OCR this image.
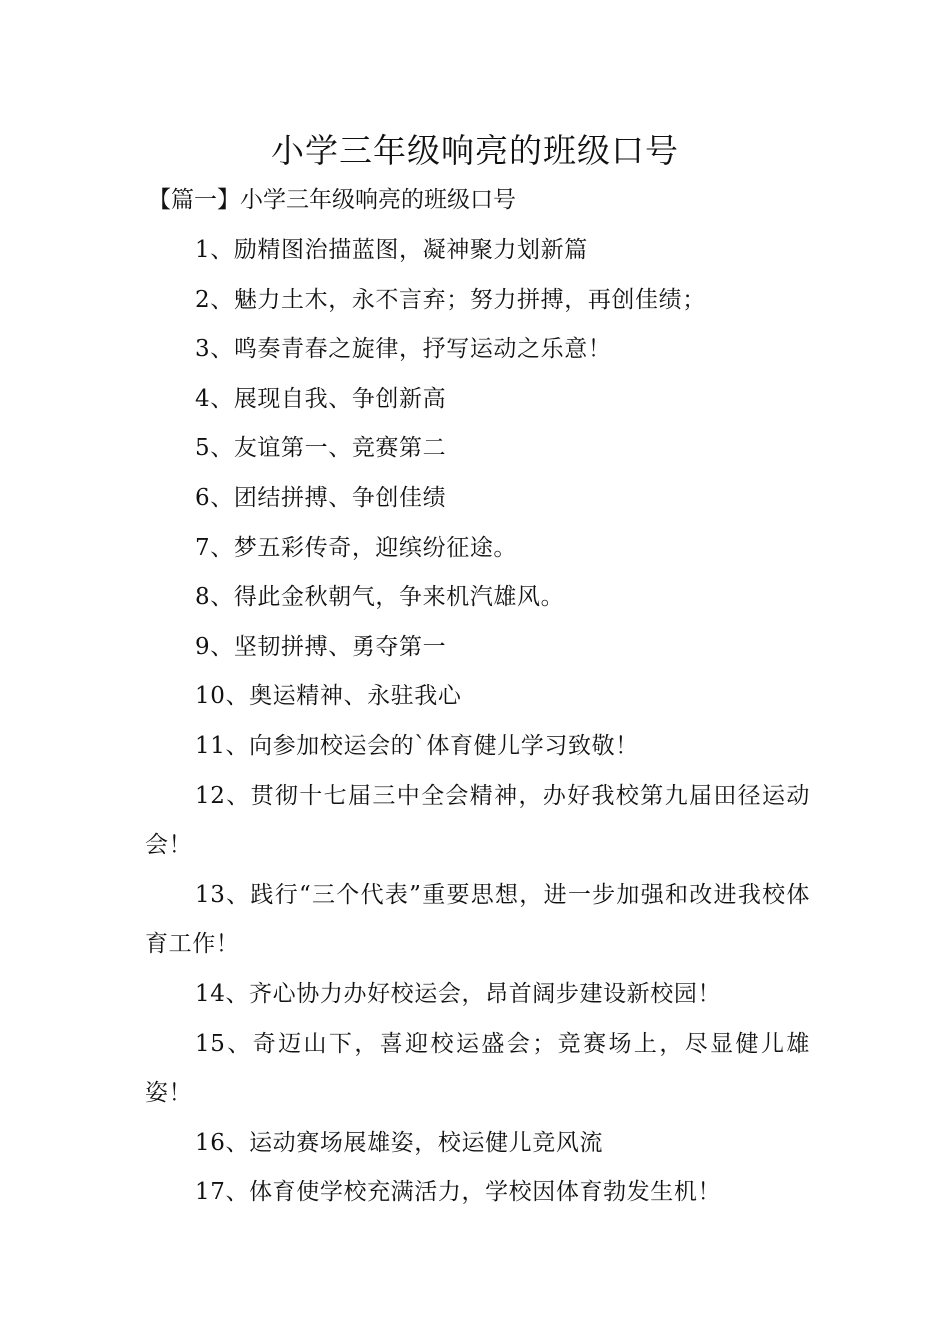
小学三年级响亮的班级口号
【篇一】小学三年级响亮的班级口号
1、励精图治描蓝图，凝神聚力划新篇
2、魅力土木，永不言弃；努力拼搏，再创佳绩；
3、鸣奏青春之旋律，抒写运动之乐意！
4、展现自我、争创新高
5、友谊第一、竞赛第二
6、团结拼搏、争创佳绩
7、梦五彩传奇，迎缤纷征途。
8、得此金秋朝气，争来机汽雄风。
9、坚韧拼搏、勇夺第一
10、奥运精神、永驻我心
11、向参加校运会的`体育健儿学习致敬！
12、贯彻十七届三中全会精神，办好我校第九届田径运动会！
13、践行“三个代表”重要思想，进一步加强和改进我校体育工作！
14、齐心协力办好校运会，昂首阔步建设新校园！
15、奇迈山下，喜迎校运盛会；竞赛场上，尽显健儿雄姿！
16、运动赛场展雄姿，校运健儿竞风流
17、体育使学校充满活力，学校因体育勃发生机！
